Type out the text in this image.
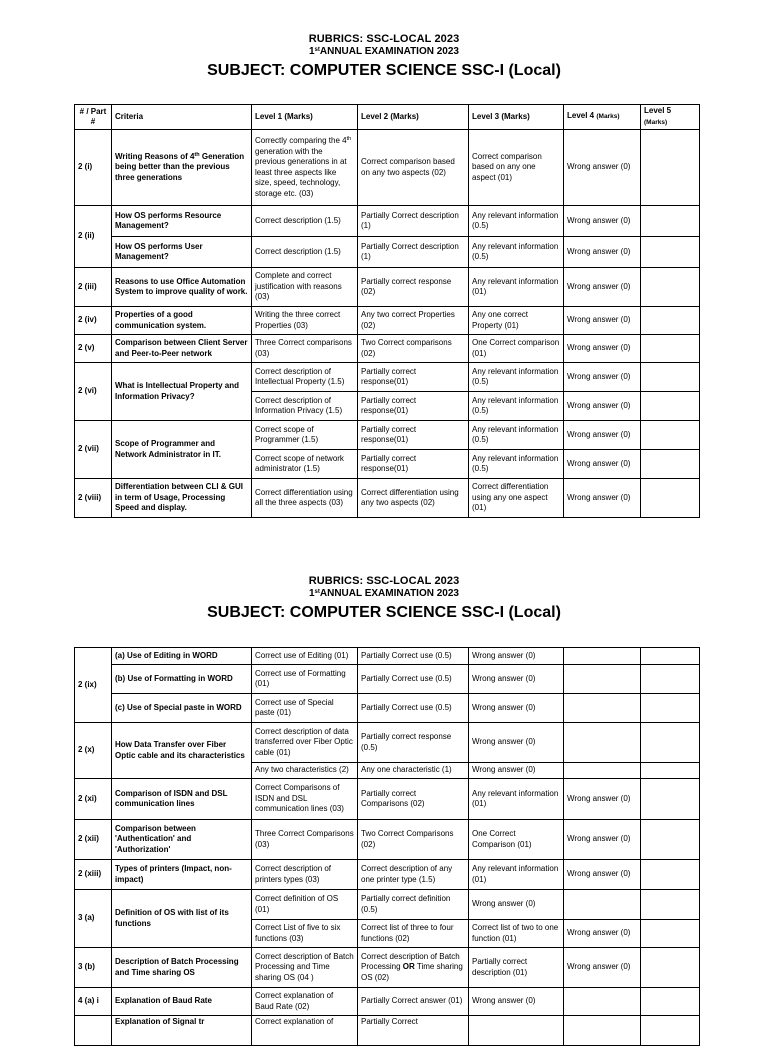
RUBRICS: SSC-LOCAL 2023
1stANNUAL EXAMINATION 2023
SUBJECT: COMPUTER SCIENCE SSC-I (Local)
# / Part #	Criteria	Level 1 (Marks)	Level 2 (Marks)	Level 3 (Marks)	Level 4 (Marks)	Level 5 (Marks)
2 (i)	Writing Reasons of 4th Generation being better than the previous three generations	Correctly comparing the 4th generation with the previous generations in at least three aspects like size, speed, technology, storage etc. (03)	Correct comparison based on any two aspects (02)	Correct comparison based on any one aspect (01)	Wrong answer (0)	
2 (ii)	How OS performs Resource Management?	Correct description (1.5)	Partially Correct description (1)	Any relevant information (0.5)	Wrong answer (0)	
	How OS performs User Management?	Correct description (1.5)	Partially Correct description (1)	Any relevant information (0.5)	Wrong answer (0)	
2 (iii)	Reasons to use Office Automation System to improve quality of work.	Complete and correct justification with reasons (03)	Partially correct response (02)	Any relevant information (01)	Wrong answer (0)	
2 (iv)	Properties of a good communication system.	Writing the three correct Properties (03)	Any two correct Properties (02)	Any one correct Property (01)	Wrong answer (0)	
2 (v)	Comparison between Client Server and Peer-to-Peer network	Three Correct comparisons (03)	Two Correct comparisons (02)	One Correct comparison (01)	Wrong answer (0)	
2 (vi)	What is Intellectual Property and Information Privacy?	Correct description of Intellectual Property (1.5)	Partially correct response(01)	Any relevant information (0.5)	Wrong answer (0)	
		Correct description of Information Privacy (1.5)	Partially correct response(01)	Any relevant information (0.5)	Wrong answer (0)	
2 (vii)	Scope of Programmer and Network Administrator in IT.	Correct scope of Programmer (1.5)	Partially correct response(01)	Any relevant information (0.5)	Wrong answer (0)	
		Correct scope of network administrator (1.5)	Partially correct response(01)	Any relevant information (0.5)	Wrong answer (0)	
2 (viii)	Differentiation between CLI & GUI in term of Usage, Processing Speed and display.	Correct differentiation using all the three aspects (03)	Correct differentiation using any two aspects (02)	Correct differentiation using any one aspect (01)	Wrong answer (0)	
RUBRICS: SSC-LOCAL 2023
1stANNUAL EXAMINATION 2023
SUBJECT: COMPUTER SCIENCE SSC-I (Local)
2 (ix)	(a) Use of Editing in WORD	Correct use of Editing (01)	Partially Correct use (0.5)	Wrong answer (0)		
	(b) Use of Formatting in WORD	Correct use of Formatting (01)	Partially Correct use (0.5)	Wrong answer (0)		
	(c) Use of Special paste in WORD	Correct use of Special paste (01)	Partially Correct use (0.5)	Wrong answer (0)		
2 (x)	How Data Transfer over Fiber Optic cable and its characteristics	Correct description of data transferred over Fiber Optic cable (01)	Partially correct response (0.5)	Wrong answer (0)		
		Any two characteristics (2)	Any one characteristic (1)	Wrong answer (0)		
2 (xi)	Comparison of ISDN and DSL communication lines	Correct Comparisons of ISDN and DSL communication lines (03)	Partially correct Comparisons (02)	Any relevant information (01)	Wrong answer (0)	
2 (xii)	Comparison between 'Authentication' and 'Authorization'	Three Correct Comparisons (03)	Two Correct Comparisons (02)	One Correct Comparison (01)	Wrong answer (0)	
2 (xiii)	Types of printers (Impact, non-impact)	Correct description of printers types (03)	Correct description of any one printer type (1.5)	Any relevant information (01)	Wrong answer (0)	
3 (a)	Definition of OS with list of its functions	Correct definition of OS (01)	Partially correct definition (0.5)	Wrong answer (0)		
		Correct List of five to six functions (03)	Correct list of three to four functions (02)	Correct list of two to one function (01)	Wrong answer (0)	
3 (b)	Description of Batch Processing and Time sharing OS	Correct description of Batch Processing and Time sharing OS (04 )	Correct description of Batch Processing OR Time sharing OS (02)	Partially correct description (01)	Wrong answer (0)	
4 (a) i	Explanation of Baud Rate	Correct explanation of Baud Rate (02)	Partially Correct answer (01)	Wrong answer (0)		
	Explanation of Signal tr	Correct explanation of	Partially Correct			
